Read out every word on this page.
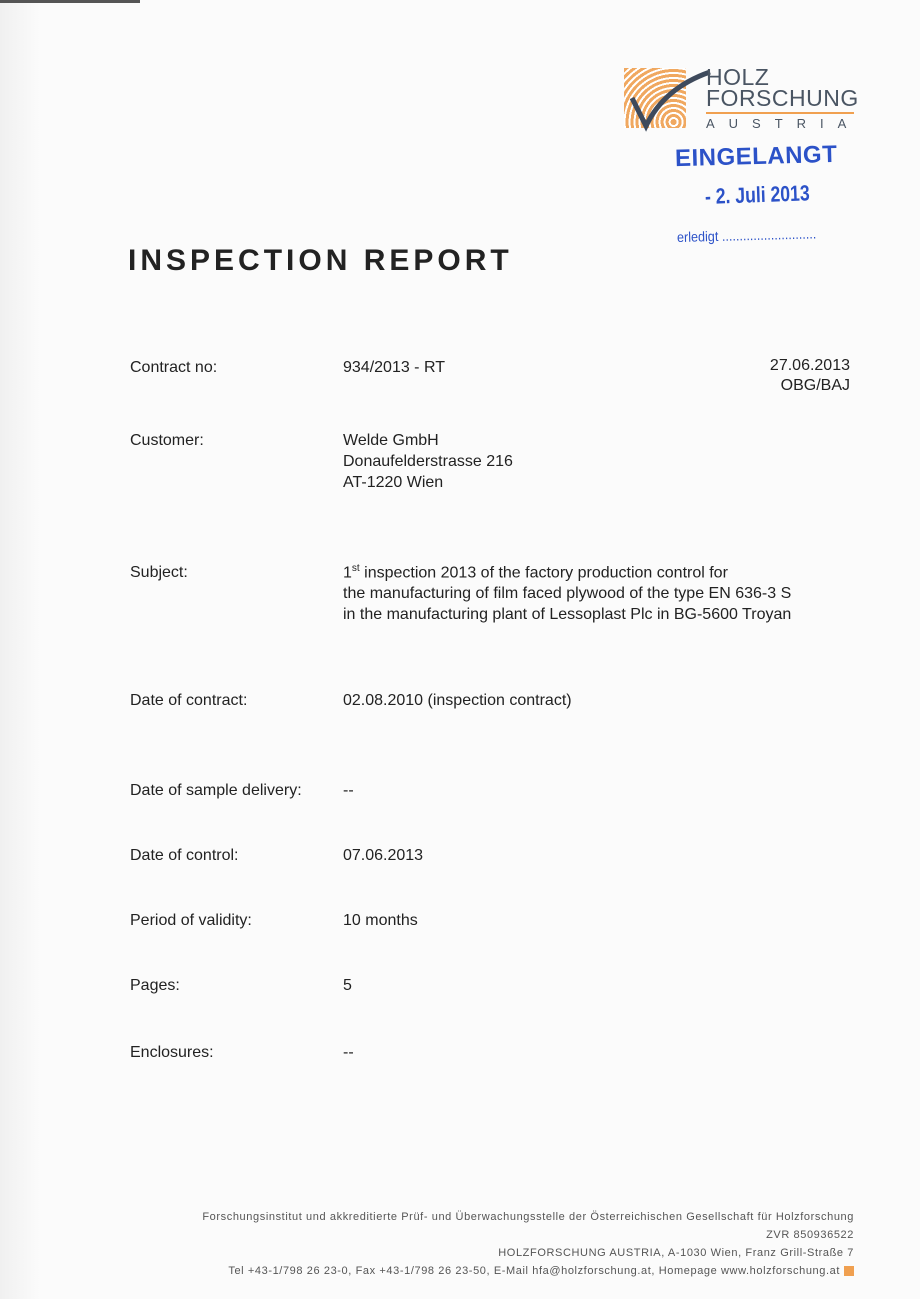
HOLZ
FORSCHUNG
AUSTRIA
EINGELANGT
- 2. Juli 2013
erledigt ...........................
INSPECTION REPORT
Contract no:	934/2013 - RT	27.06.2013
OBG/BAJ
Customer:	Welde GmbH
Donaufelderstrasse 216
AT-1220 Wien
Subject:	1st inspection 2013 of the factory production control for
the manufacturing of film faced plywood of the type EN 636-3 S
in the manufacturing plant of Lessoplast Plc in BG-5600 Troyan
Date of contract:	02.08.2010 (inspection contract)
Date of sample delivery:	--
Date of control:	07.06.2013
Period of validity:	10 months
Pages:	5
Enclosures:	--
Forschungsinstitut und akkreditierte Prüf- und Überwachungsstelle der Österreichischen Gesellschaft für Holzforschung
ZVR 850936522
HOLZFORSCHUNG AUSTRIA, A-1030 Wien, Franz Grill-Straße 7
Tel +43-1/798 26 23-0, Fax +43-1/798 26 23-50, E-Mail hfa@holzforschung.at, Homepage www.holzforschung.at
